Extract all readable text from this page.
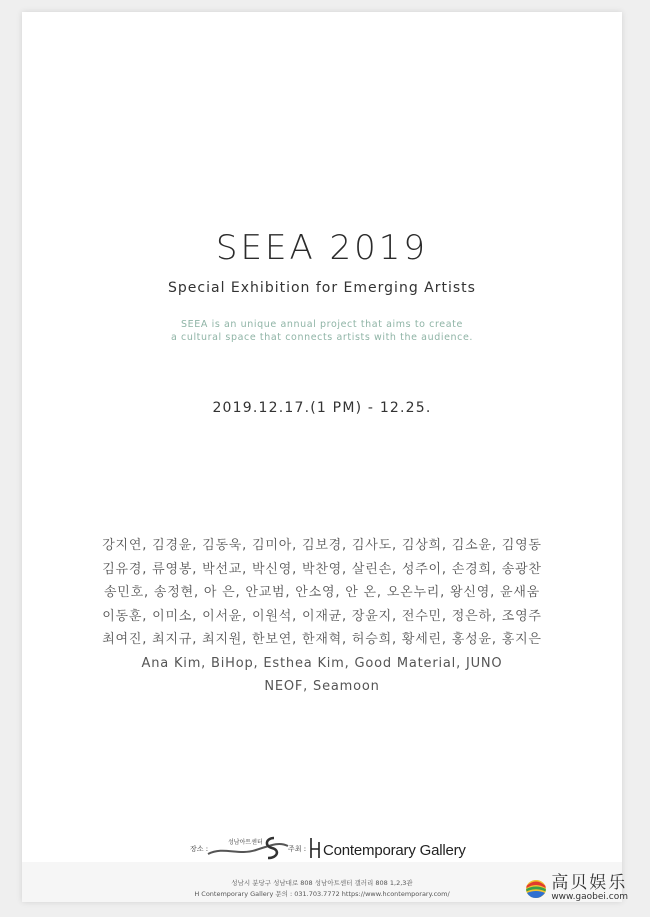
SEEA 2019
Special Exhibition for Emerging Artists
SEEA is an unique annual project that aims to create
a cultural space that connects artists with the audience.
2019.12.17.(1 PM) - 12.25.
강지연, 김경윤, 김동욱, 김미아, 김보경, 김사도, 김상희, 김소윤, 김영동
김유경, 류영봉, 박선교, 박신영, 박찬영, 살린손, 성주이, 손경희, 송광찬
송민호, 송정현, 아 은, 안교범, 안소영, 안 온, 오온누리, 왕신영, 윤새움
이동훈, 이미소, 이서윤, 이원석, 이재균, 장윤지, 전수민, 정은하, 조영주
최여진, 최지규, 최지원, 한보연, 한재혁, 허승희, 황세린, 홍성윤, 홍지은
Ana Kim, BiHop, Esthea Kim, Good Material, JUNO
NEOF, Seamoon
장소 :
성남아트센터
주최 : Contemporary Gallery
성남시 분당구 성남대로 808 성남아트센터 갤러리 808 1,2,3관
H Contemporary Gallery 문의 : 031.703.7772 https://www.hcontemporary.com/
高贝娱乐
www.gaobei.com
